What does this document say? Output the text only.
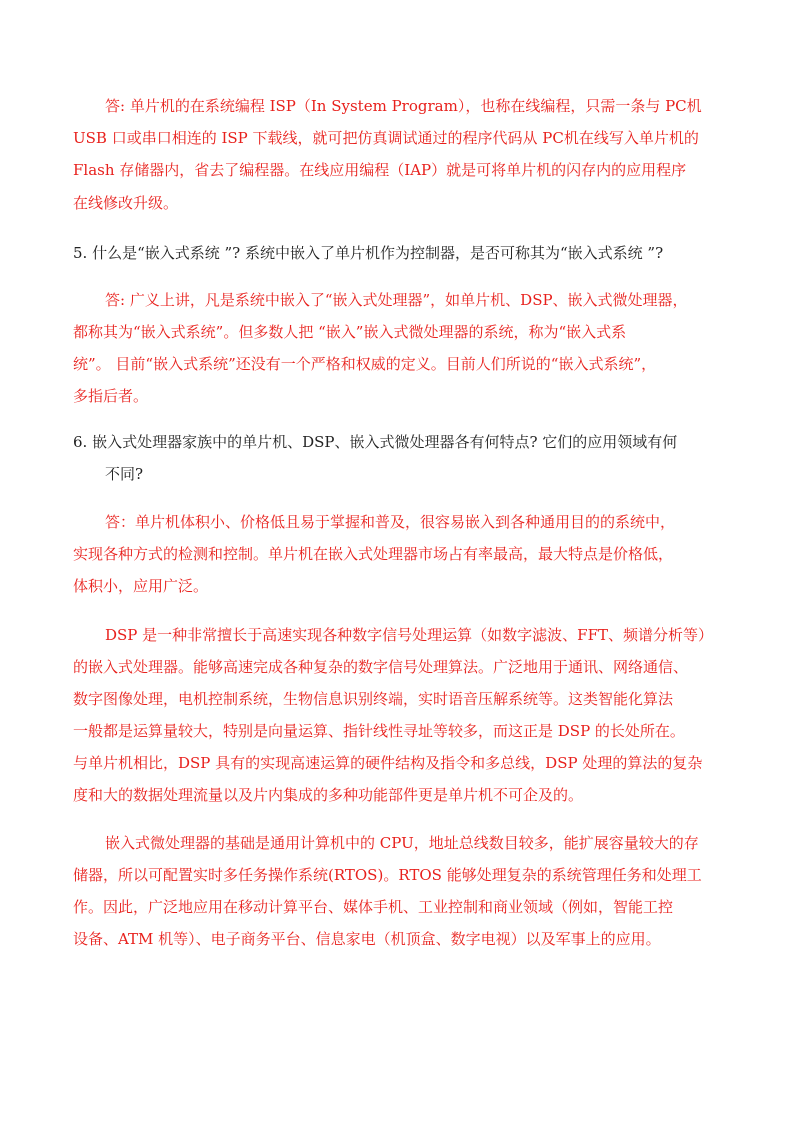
答: 单片机的在系统编程 ISP（In System Program），也称在线编程，只需一条与 PC机
USB 口或串口相连的 ISP 下载线，就可把仿真调试通过的程序代码从 PC机在线写入单片机的
Flash 存储器内，省去了编程器。在线应用编程（IAP）就是可将单片机的闪存内的应用程序
在线修改升级。
5. 什么是“嵌入式系统 ”? 系统中嵌入了单片机作为控制器，是否可称其为“嵌入式系统 ”?
答: 广义上讲，凡是系统中嵌入了“嵌入式处理器”，如单片机、DSP、嵌入式微处理器，
都称其为“嵌入式系统”。但多数人把 “嵌入”嵌入式微处理器的系统，称为“嵌入式系
统”。 目前“嵌入式系统”还没有一个严格和权威的定义。目前人们所说的“嵌入式系统”，
多指后者。
6. 嵌入式处理器家族中的单片机、DSP、嵌入式微处理器各有何特点? 它们的应用领域有何
不同?
答：单片机体积小、价格低且易于掌握和普及，很容易嵌入到各种通用目的的系统中，
实现各种方式的检测和控制。单片机在嵌入式处理器市场占有率最高，最大特点是价格低，
体积小，应用广泛。
DSP 是一种非常擅长于高速实现各种数字信号处理运算（如数字滤波、FFT、频谱分析等）
的嵌入式处理器。能够高速完成各种复杂的数字信号处理算法。广泛地用于通讯、网络通信、
数字图像处理，电机控制系统，生物信息识别终端，实时语音压解系统等。这类智能化算法
一般都是运算量较大，特别是向量运算、指针线性寻址等较多，而这正是 DSP 的长处所在。
与单片机相比，DSP 具有的实现高速运算的硬件结构及指令和多总线，DSP 处理的算法的复杂
度和大的数据处理流量以及片内集成的多种功能部件更是单片机不可企及的。
嵌入式微处理器的基础是通用计算机中的 CPU，地址总线数目较多，能扩展容量较大的存
储器，所以可配置实时多任务操作系统(RTOS)。RTOS 能够处理复杂的系统管理任务和处理工
作。因此，广泛地应用在移动计算平台、媒体手机、工业控制和商业领域（例如，智能工控
设备、ATM 机等）、电子商务平台、信息家电（机顶盒、数字电视）以及军事上的应用。
